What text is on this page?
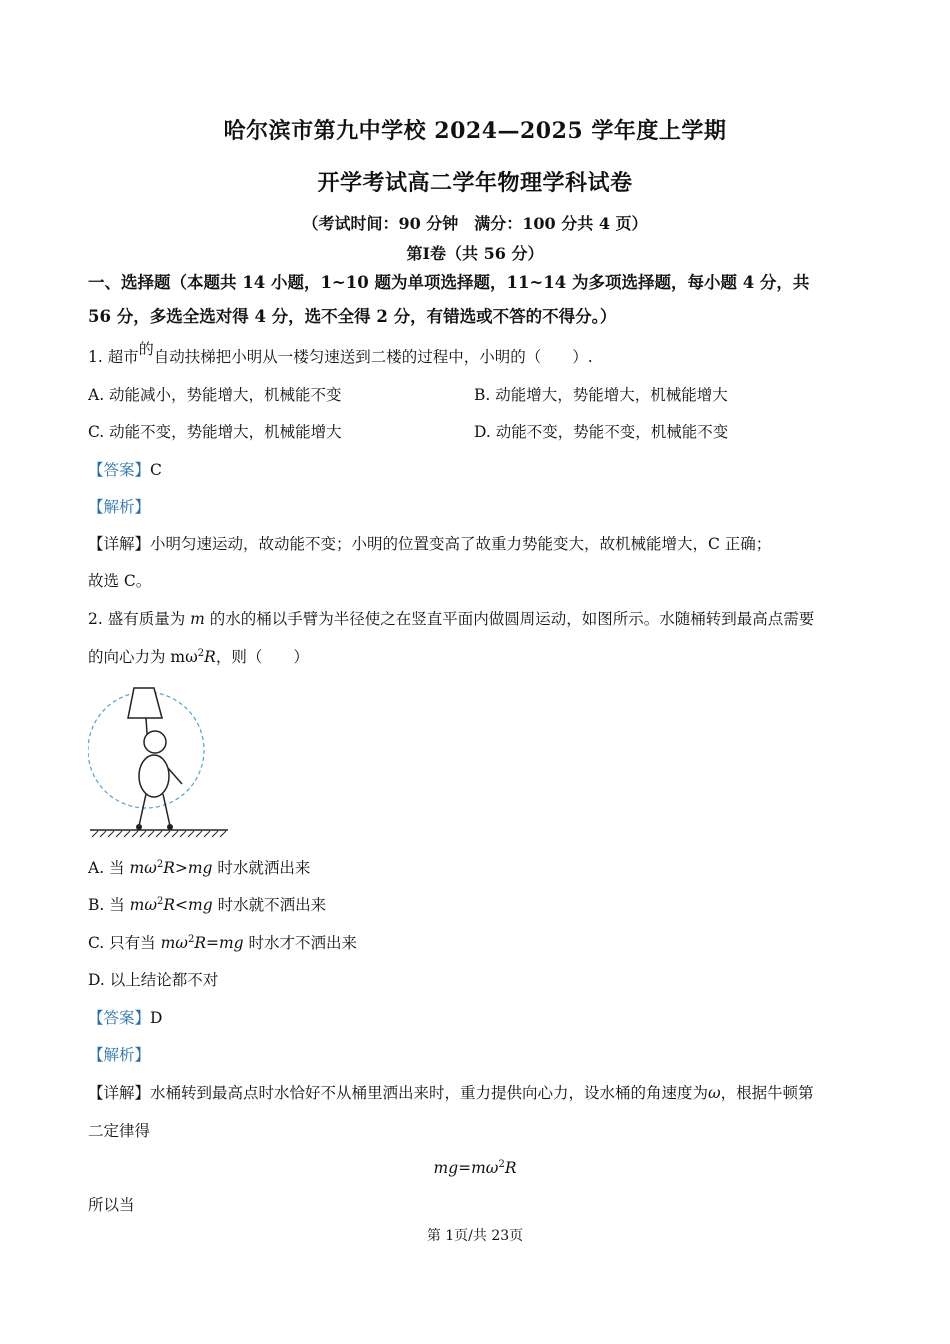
哈尔滨市第九中学校 2024—2025 学年度上学期
开学考试高二学年物理学科试卷
（考试时间：90 分钟　满分：100 分共 4 页）
第Ⅰ卷（共 56 分）
一、选择题（本题共 14 小题，1~10 题为单项选择题，11~14 为多项选择题，每小题 4 分，共
56 分，多选全选对得 4 分，选不全得 2 分，有错选或不答的不得分。）
1. 超市的自动扶梯把小明从一楼匀速送到二楼的过程中，小明的（　　）.
A. 动能减小，势能增大，机械能不变	B. 动能增大，势能增大，机械能增大
C. 动能不变，势能增大，机械能增大	D. 动能不变，势能不变，机械能不变
【答案】C
【解析】
【详解】小明匀速运动，故动能不变；小明的位置变高了故重力势能变大，故机械能增大，C 正确；
故选 C。
2. 盛有质量为 m 的水的桶以手臂为半径使之在竖直平面内做圆周运动，如图所示。水随桶转到最高点需要
的向心力为 $m\omega^2R$，则（　　）
A. 当 $m\omega^2R>mg$ 时水就洒出来
B. 当 $m\omega^2R<mg$ 时水就不洒出来
C. 只有当 $m\omega^2R=mg$ 时水才不洒出来
D. 以上结论都不对
【答案】D
【解析】
【详解】水桶转到最高点时水恰好不从桶里洒出来时，重力提供向心力，设水桶的角速度为ω，根据牛顿第
二定律得
$mg=m\omega^2R$
所以当
第 1页/共 23页
